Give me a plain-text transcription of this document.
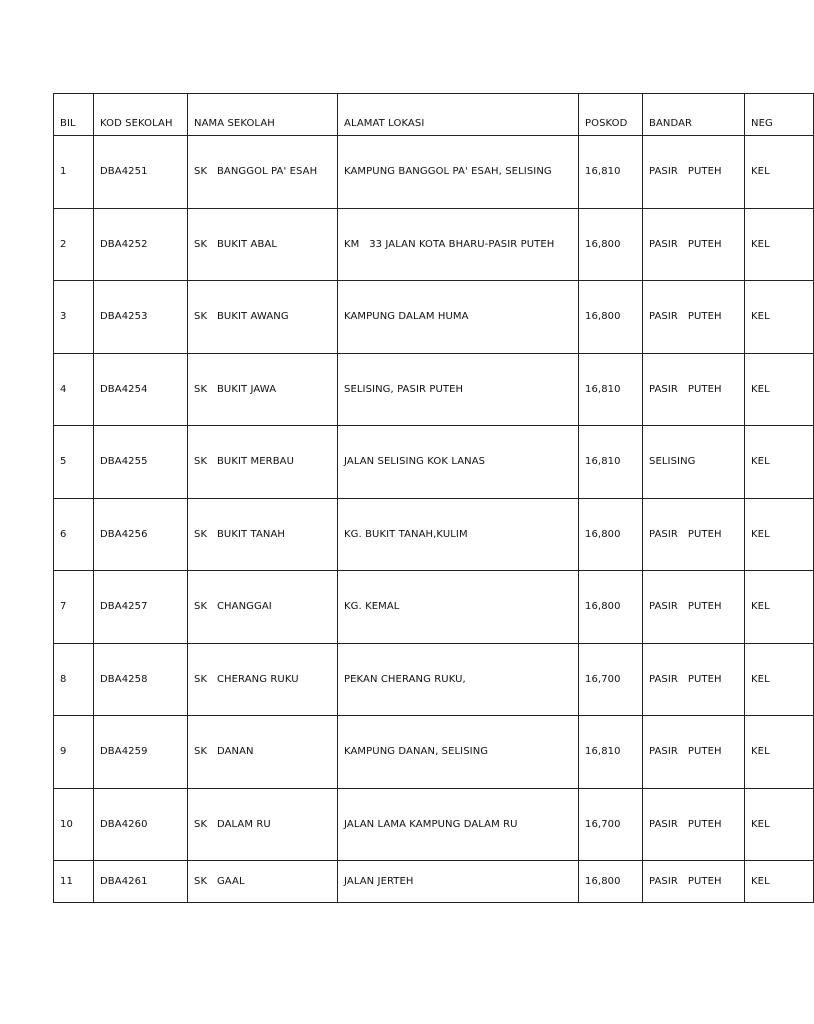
BIL	KOD SEKOLAH	NAMA SEKOLAH	ALAMAT LOKASI	POSKOD	BANDAR	NEG
1	DBA4251	SK   BANGGOL PA' ESAH	KAMPUNG BANGGOL PA' ESAH, SELISING	16,810	PASIR   PUTEH	KEL
2	DBA4252	SK   BUKIT ABAL	KM   33 JALAN KOTA BHARU-PASIR PUTEH	16,800	PASIR   PUTEH	KEL
3	DBA4253	SK   BUKIT AWANG	KAMPUNG DALAM HUMA	16,800	PASIR   PUTEH	KEL
4	DBA4254	SK   BUKIT JAWA	SELISING, PASIR PUTEH	16,810	PASIR   PUTEH	KEL
5	DBA4255	SK   BUKIT MERBAU	JALAN SELISING KOK LANAS	16,810	SELISING	KEL
6	DBA4256	SK   BUKIT TANAH	KG. BUKIT TANAH,KULIM	16,800	PASIR   PUTEH	KEL
7	DBA4257	SK   CHANGGAI	KG. KEMAL	16,800	PASIR   PUTEH	KEL
8	DBA4258	SK   CHERANG RUKU	PEKAN CHERANG RUKU,	16,700	PASIR   PUTEH	KEL
9	DBA4259	SK   DANAN	KAMPUNG DANAN, SELISING	16,810	PASIR   PUTEH	KEL
10	DBA4260	SK   DALAM RU	JALAN LAMA KAMPUNG DALAM RU	16,700	PASIR   PUTEH	KEL
11	DBA4261	SK   GAAL	JALAN JERTEH	16,800	PASIR   PUTEH	KEL
